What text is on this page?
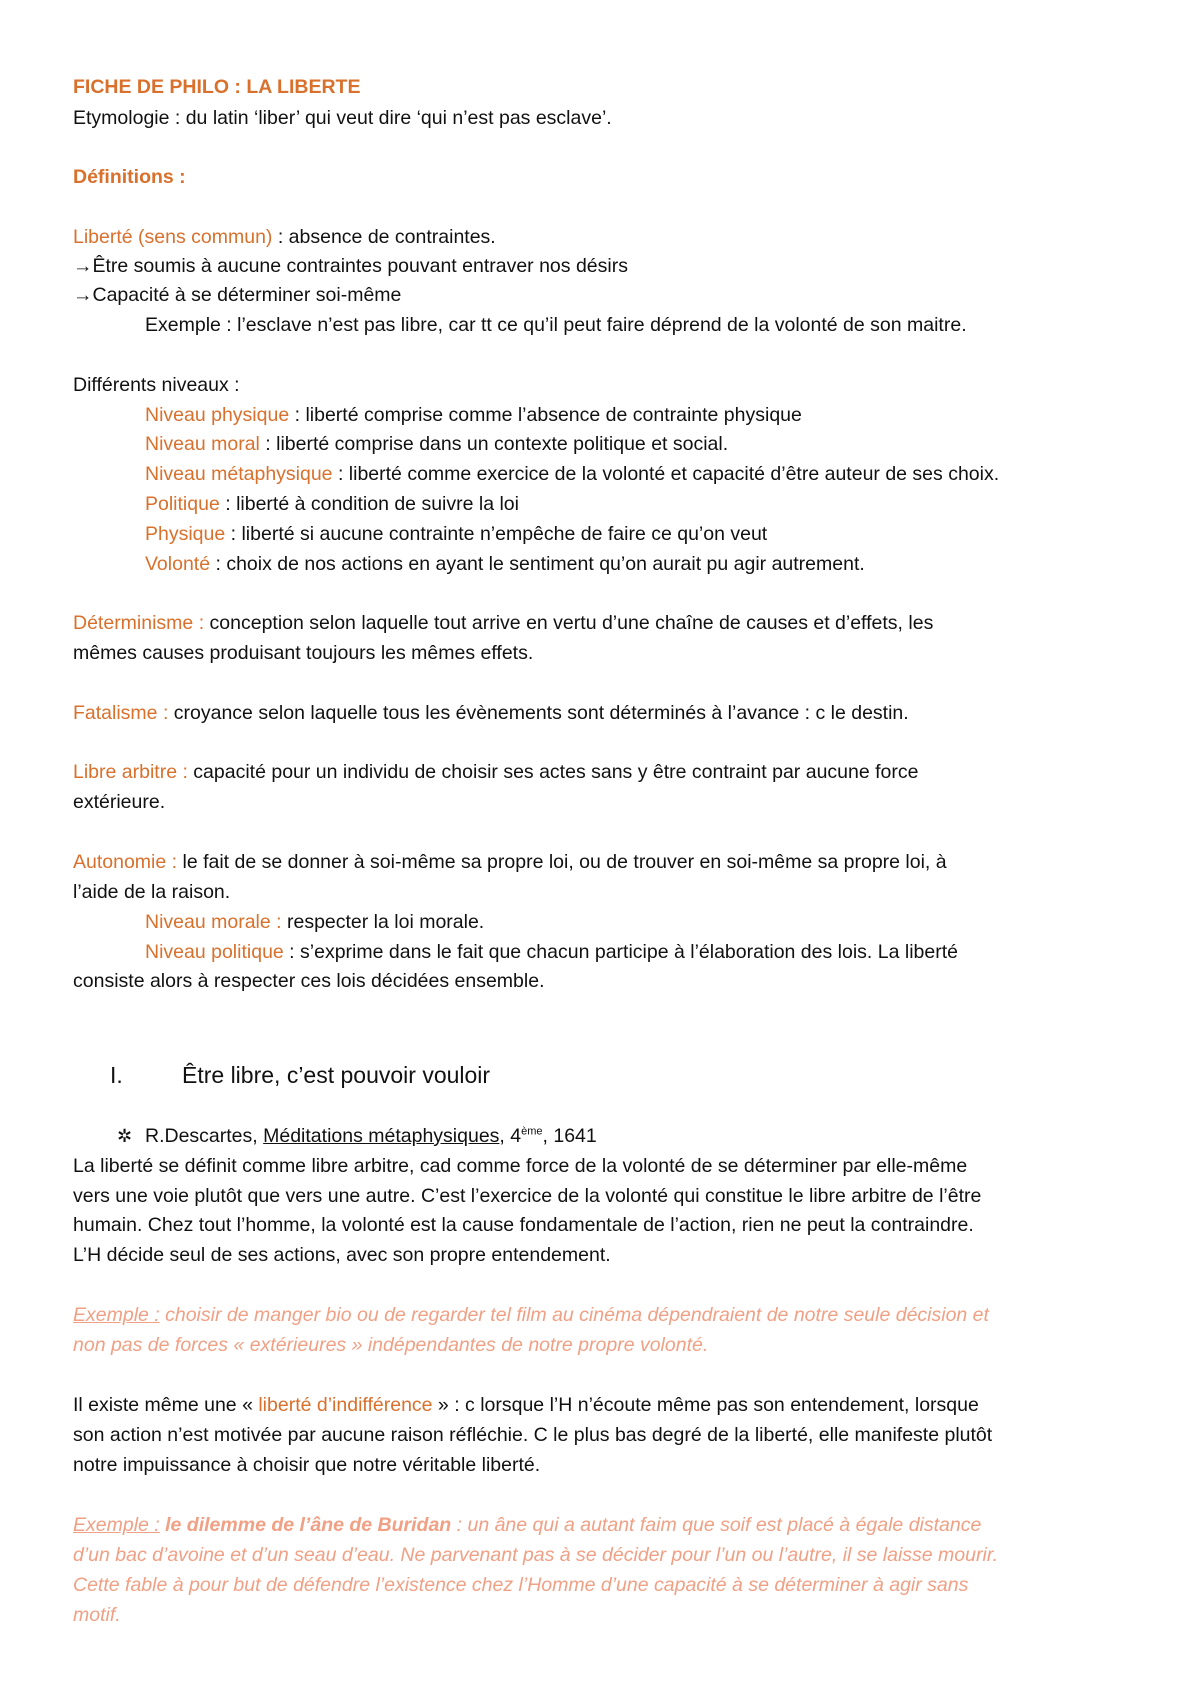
FICHE DE PHILO : LA LIBERTE
Etymologie : du latin ‘liber’ qui veut dire ‘qui n’est pas esclave’.
Définitions :
Liberté (sens commun) : absence de contraintes.
→Être soumis à aucune contraintes pouvant entraver nos désirs
→Capacité à se déterminer soi-même
Exemple : l’esclave n’est pas libre, car tt ce qu’il peut faire déprend de la volonté de son maitre.
Différents niveaux :
Niveau physique : liberté comprise comme l’absence de contrainte physique
Niveau moral : liberté comprise dans un contexte politique et social.
Niveau métaphysique : liberté comme exercice de la volonté et capacité d’être auteur de ses choix.
Politique : liberté à condition de suivre la loi
Physique : liberté si aucune contrainte n’empêche de faire ce qu’on veut
Volonté : choix de nos actions en ayant le sentiment qu’on aurait pu agir autrement.
Déterminisme : conception selon laquelle tout arrive en vertu d’une chaîne de causes et d’effets, les
mêmes causes produisant toujours les mêmes effets.
Fatalisme : croyance selon laquelle tous les évènements sont déterminés à l’avance : c le destin.
Libre arbitre : capacité pour un individu de choisir ses actes sans y être contraint par aucune force
extérieure.
Autonomie : le fait de se donner à soi-même sa propre loi, ou de trouver en soi-même sa propre loi, à
l’aide de la raison.
Niveau morale : respecter la loi morale.
Niveau politique : s’exprime dans le fait que chacun participe à l’élaboration des lois. La liberté
consiste alors à respecter ces lois décidées ensemble.
I.	Être libre, c’est pouvoir vouloir
✲ R.Descartes, Méditations métaphysiques, 4ème, 1641
La liberté se définit comme libre arbitre, cad comme force de la volonté de se déterminer par elle-même
vers une voie plutôt que vers une autre. C’est l’exercice de la volonté qui constitue le libre arbitre de l’être
humain. Chez tout l’homme, la volonté est la cause fondamentale de l’action, rien ne peut la contraindre.
L’H décide seul de ses actions, avec son propre entendement.
Exemple : choisir de manger bio ou de regarder tel film au cinéma dépendraient de notre seule décision et
non pas de forces « extérieures » indépendantes de notre propre volonté.
Il existe même une « liberté d’indifférence » : c lorsque l’H n’écoute même pas son entendement, lorsque
son action n’est motivée par aucune raison réfléchie. C le plus bas degré de la liberté, elle manifeste plutôt
notre impuissance à choisir que notre véritable liberté.
Exemple : le dilemme de l’âne de Buridan : un âne qui a autant faim que soif est placé à égale distance
d’un bac d’avoine et d’un seau d’eau. Ne parvenant pas à se décider pour l’un ou l’autre, il se laisse mourir.
Cette fable à pour but de défendre l’existence chez l’Homme d’une capacité à se déterminer à agir sans
motif.
